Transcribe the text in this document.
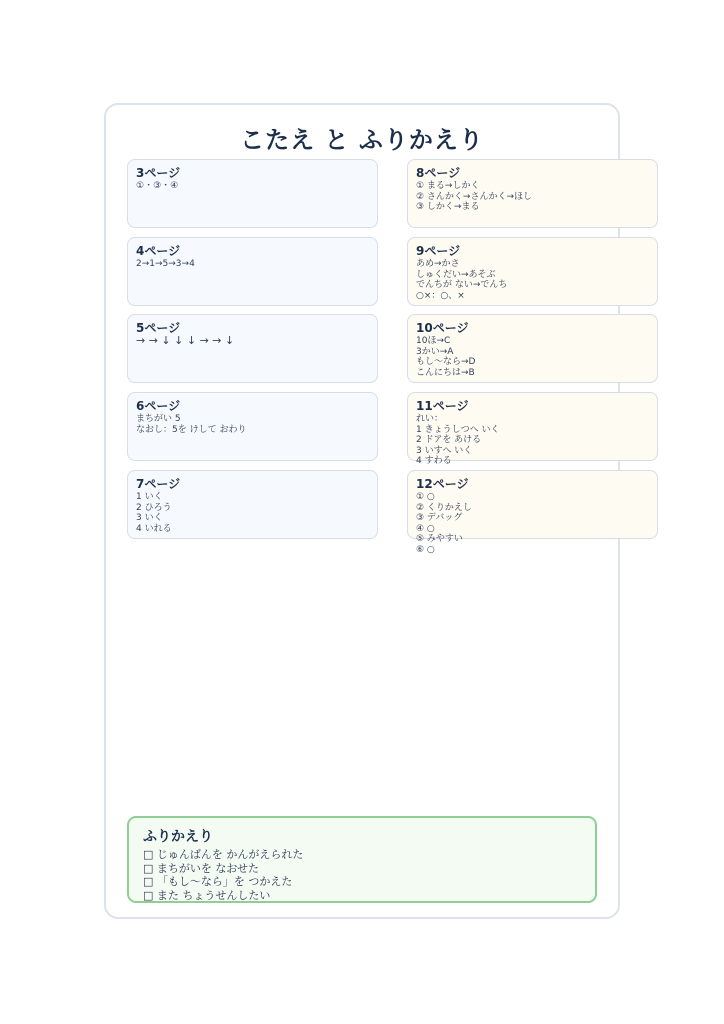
こたえ と ふりかえり
3ページ
①・③・④
4ページ
2→1→5→3→4
5ページ
→ → ↓ ↓ ↓ → → ↓
6ページ
まちがい 5
なおし：5を けして おわり
7ページ
1 いく
2 ひろう
3 いく
4 いれる
8ページ
① まる→しかく
② さんかく→さんかく→ほし
③ しかく→まる
9ページ
あめ→かさ
しゅくだい→あそぶ
でんちが ない→でんち
○×：○、×
10ページ
10ほ→C
3かい→A
もし～なら→D
こんにちは→B
11ページ
れい：
1 きょうしつへ いく
2 ドアを あける
3 いすへ いく
4 すわる
12ページ
① ○
② くりかえし
③ デバッグ
④ ○
⑤ みやすい
⑥ ○
ふりかえり
□ じゅんばんを かんがえられた
□ まちがいを なおせた
□ 「もし～なら」を つかえた
□ また ちょうせんしたい
